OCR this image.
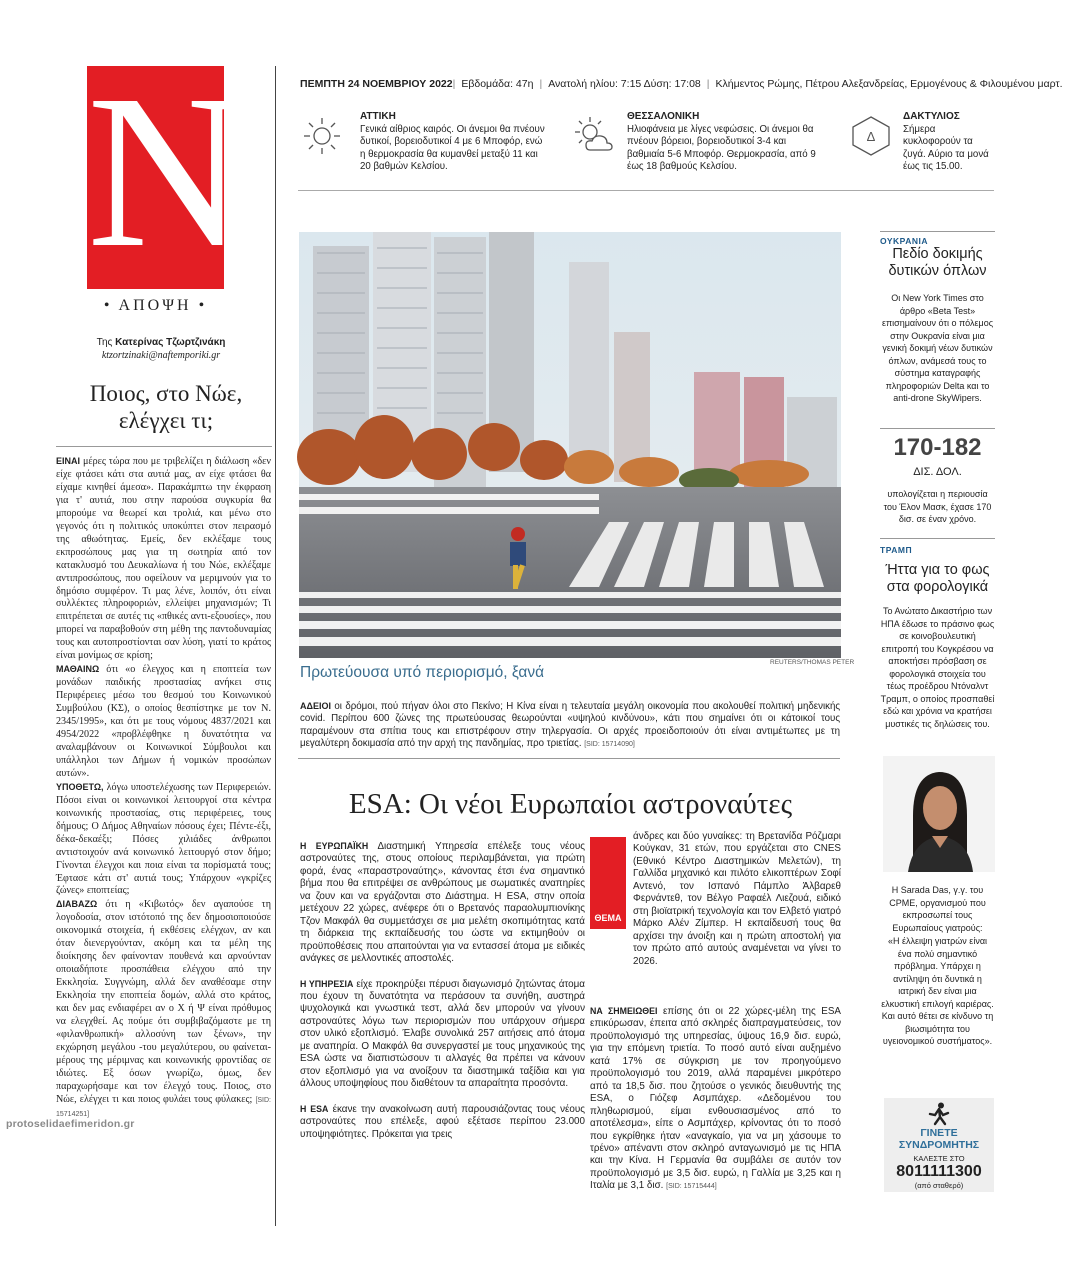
N
• ΑΠΟΨΗ •
Της Κατερίνας Τζωρτζινάκη
ktzortzinaki@naftemporiki.gr
Ποιος, στο Νώε,
ελέγχει τι;

ΕΙΝΑΙ μέρες τώρα που με τριβελίζει η διάλωση «δεν είχε φτάσει κάτι στα αυτιά μας, αν είχε φτάσει θα είχαμε κινηθεί άμεσα». Παρακάμπτω την έκφραση για τ' αυτιά, που στην παρούσα συγκυρία θα μπορούμε να θεωρεί και τρολιά, και μένω στο γεγονός ότι η πολιτικός υποκύπτει στον πειρασμό της αθωότητας. Εμείς, δεν εκλέξαμε τους εκπροσώπους μας για τη σωτηρία από τον κατακλυσμό του Δευκαλίωνα ή του Νώε, εκλέξαμε αντιπροσώπους, που οφείλουν να μεριμνούν για το δημόσιο συμφέρον. Τι μας λένε, λοιπόν, ότι είναι συλλέκτες πληροφοριών, ελλείψει μηχανισμών; Τι επιτρέπεται σε αυτές τις «πθικές αντι-εξουσίες», που μπορεί να παραβοθούν στη μέθη της παντοδυναμίας τους και αυτοπροστίονται σαν λύση, γιατί το κράτος είναι μονίμως σε κρίση;

ΜΑΘΑΙΝΩ ότι «ο έλεγχος και η εποπτεία των μονάδων παιδικής προστασίας ανήκει στις Περιφέρειες μέσω του θεσμού του Κοινωνικού Συμβούλου (ΚΣ), ο οποίος θεσπίστηκε με τον Ν. 2345/1995», και ότι με τους νόμους 4837/2021 και 4954/2022 «προβλέφθηκε η δυνατότητα να αναλαμβάνουν οι Κοινωνικοί Σύμβουλοι και υπάλληλοι των Δήμων ή νομικών προσώπων αυτών».

ΥΠΟΘΕΤΩ, λόγω υποστελέχωσης των Περιφερειών. Πόσοι είναι οι κοινωνικοί λειτουργοί στα κέντρα κοινωνικής προστασίας, στις περιφέρειες, τους δήμους; Ο Δήμος Αθηναίων πόσους έχει; Πέντε-έξι, δέκα-δεκαέξι; Πόσες χιλιάδες άνθρωποι αντιστοιχούν ανά κοινωνικό λειτουργό στον δήμο; Γίνονται έλεγχοι και ποια είναι τα πορίσματά τους; Έφτασε κάτι στ' αυτιά τους; Υπάρχουν «γκρίζες ζώνες» εποπτείας;

ΔΙΑΒΑΖΩ ότι η «Κιβωτός» δεν αγαπούσε τη λογοδοσία, στον ιστότοπό της δεν δημοσιοποιούσε οικονομικά στοιχεία, ή εκθέσεις ελέγχων, αν και όταν διενεργούνταν, ακόμη και τα μέλη της διοίκησης δεν φαίνονταν πουθενά και αρνούνταν οποιαδήποτε προσπάθεια ελέγχου από την Εκκλησία. Συγγνώμη, αλλά δεν αναθέσαμε στην Εκκλησία την εποπτεία δομών, αλλά στο κράτος, και δεν μας ενδιαφέρει αν ο Χ ή Ψ είναι πρόθυμος να ελεγχθεί. Ας πούμε ότι συμβιβαζόμαστε με τη «φιλανθρωπική» αλλοσύνη των ξένων», την εκχώρηση μεγάλου -του μεγαλύτερου, ου φαίνεται- μέρους της μέριμνας και κοινωνικής φροντίδας σε ιδιώτες. Εξ όσων γνωρίζω, όμως, δεν παραχωρήσαμε και τον έλεγχό τους. Ποιος, στο Νώε, ελέγχει τι και ποιος φυλάει τους φύλακες; [SID: 15714251]

protoselidaefimeridon.gr
ΠΕΜΠΤΗ 24 ΝΟΕΜΒΡΙΟΥ 2022| Εβδομάδα: 47η | Ανατολή ηλίου: 7:15 Δύση: 17:08 | Κλήμεντος Ρώμης, Πέτρου Αλεξανδρείας, Ερμογένους & Φιλουμένου μαρτ.
ΑΤΤΙΚΗ

Γενικά αίθριος καιρός. Οι άνεμοι θα πνέουν δυτικοί, βορειοδυτικοί 4 με 6 Μποφόρ, ενώ η θερμοκρασία θα κυμανθεί μεταξύ 11 και 20 βαθμών Κελσίου.

ΘΕΣΣΑΛΟΝΙΚΗ

Ηλιοφάνεια με λίγες νεφώσεις. Οι άνεμοι θα πνέουν βόρειοι, βορειοδυτικοί 3-4 και βαθμιαία 5-6 Μποφόρ. Θερμοκρασία, από 9 έως 18 βαθμούς Κελσίου.

Δ
ΔΑΚΤΥΛΙΟΣ

Σήμερα κυκλοφορούν τα ζυγά. Αύριο τα μονά έως τις 15.00.

REUTERS/THOMAS PETER
Πρωτεύουσα υπό περιορισμό, ξανά
ΑΔΕΙΟΙ οι δρόμοι, πού πήγαν όλοι στο Πεκίνο; Η Κίνα είναι η τελευταία μεγάλη οικονομία που ακολουθεί πολιτική μηδενικής covid. Περίπου 600 ζώνες της πρωτεύουσας θεωρούνται «υψηλού κινδύνου», κάτι που σημαίνει ότι οι κάτοικοί τους παραμένουν στα σπίτια τους και επιστρέφουν στην τηλεργασία. Οι αρχές προειδοποιούν ότι είναι αντιμέτωπες με τη μεγαλύτερη δοκιμασία από την αρχή της πανδημίας, προ τριετίας. [SID: 15714090]
ESA: Οι νέοι Ευρωπαίοι αστροναύτες

Η ΕΥΡΩΠΑΪΚΗ Διαστημική Υπηρεσία επέλεξε τους νέους αστροναύτες της, στους οποίους περιλαμβάνεται, για πρώτη φορά, ένας «παραστροναύτης», κάνοντας έτσι ένα σημαντικό βήμα που θα επιτρέψει σε ανθρώπους με σωματικές αναπηρίες να ζουν και να εργάζονται στο Διάστημα. Η ESA, στην οποία μετέχουν 22 χώρες, ανέφερε ότι ο Βρετανός παραολυμπιονίκης Τζον Μακφάλ θα συμμετάσχει σε μια μελέτη σκοπιμότητας κατά τη διάρκεια της εκπαίδευσής του ώστε να εκτιμηθούν οι προϋποθέσεις που απαιτούνται για να εντασσεί άτομα με ειδικές ανάγκες σε μελλοντικές αποστολές.

Η ΥΠΗΡΕΣΙΑ είχε προκηρύξει πέρυσι διαγωνισμό ζητώντας άτομα που έχουν τη δυνατότητα να περάσουν τα συνήθη, αυστηρά ψυχολογικά και γνωστικά τεστ, αλλά δεν μπορούν να γίνουν αστροναύτες λόγω των περιορισμών που υπάρχουν σήμερα στον υλικό εξοπλισμό. Έλαβε συνολικά 257 αιτήσεις από άτομα με αναπηρία. Ο Μακφάλ θα συνεργαστεί με τους μηχανικούς της ESA ώστε να διαπιστώσουν τι αλλαγές θα πρέπει να κάνουν στον εξοπλισμό για να ανοίξουν τα διαστημικά ταξίδια και για άλλους υποψηφίους που διαθέτουν τα απαραίτητα προσόντα.

Η ESA έκανε την ανακοίνωση αυτή παρουσιάζοντας τους νέους αστροναύτες που επέλεξε, αφού εξέτασε περίπου 23.000 υποψηφιότητες. Πρόκειται για τρεις

ΘΕΜΑ

άνδρες και δύο γυναίκες: τη Βρετανίδα Ρόζμαρι Κούγκαν, 31 ετών, που εργάζεται στο CNES (Εθνικό Κέντρο Διαστημικών Μελετών), τη Γαλλίδα μηχανικό και πιλότο ελικοπτέρων Σοφί Αντενό, τον Ισπανό Πάμπλο Άλβαρεθ Φερνάντεθ, τον Βέλγο Ραφαέλ Λιεζουά, ειδικό στη βιοϊατρική τεχνολογία και τον Ελβετό γιατρό Μάρκο Αλέν Ζίμπερ. Η εκπαίδευσή τους θα αρχίσει την άνοιξη και η πρώτη αποστολή για τον πρώτο από αυτούς αναμένεται να γίνει το 2026.

ΝΑ ΣΗΜΕΙΩΘΕΙ επίσης ότι οι 22 χώρες-μέλη της ESA επικύρωσαν, έπειτα από σκληρές διαπραγματεύσεις, τον προϋπολογισμό της υπηρεσίας, ύψους 16,9 δισ. ευρώ, για την επόμενη τριετία. Το ποσό αυτό είναι αυξημένο κατά 17% σε σύγκριση με τον προηγούμενο προϋπολογισμό του 2019, αλλά παραμένει μικρότερο από τα 18,5 δισ. που ζητούσε ο γενικός διευθυντής της ESA, ο Γιόζεφ Ασμπάχερ. «Δεδομένου του πληθωρισμού, είμαι ενθουσιασμένος από το αποτέλεσμα», είπε ο Ασμπάχερ, κρίνοντας ότι το ποσό που εγκρίθηκε ήταν «αναγκαίο, για να μη χάσουμε το τρένο» απέναντι στον σκληρό ανταγωνισμό με τις ΗΠΑ και την Κίνα. Η Γερμανία θα συμβάλει σε αυτόν τον προϋπολογισμό με 3,5 δισ. ευρώ, η Γαλλία με 3,25 και η Ιταλία με 3,1 δισ. [SID: 15715444]

ΟΥΚΡΑΝΙΑ
Πεδίο δοκιμής δυτικών όπλων
Οι New York Times στο άρθρο «Beta Test» επισημαίνουν ότι ο πόλεμος στην Ουκρανία είναι μια γενική δοκιμή νέων δυτικών όπλων, ανάμεσά τους το σύστημα καταγραφής πληροφοριών Delta και το anti-drone SkyWipers.
170-182
ΔΙΣ. ΔΟΛ.
υπολογίζεται η περιουσία του Έλον Μασκ, έχασε 170 δισ. σε έναν χρόνο.
ΤΡΑΜΠ
Ήττα για το φως στα φορολογικά
Το Ανώτατο Δικαστήριο των ΗΠΑ έδωσε το πράσινο φως σε κοινοβουλευτική επιτροπή του Κογκρέσου να αποκτήσει πρόσβαση σε φορολογικά στοιχεία του τέως προέδρου Ντόναλντ Τραμπ, ο οποίος προσπαθεί εδώ και χρόνια να κρατήσει μυστικές τις δηλώσεις του.
Η Sarada Das, γ.γ. του CPME, οργανισμού που εκπροσωπεί τους Ευρωπαίους γιατρούς:
«Η έλλειψη γιατρών είναι ένα πολύ σημαντικό πρόβλημα. Υπάρχει η αντίληψη ότι δυντικά η ιατρική δεν είναι μια ελκυστική επιλογή καριέρας. Και αυτό θέτει σε κίνδυνο τη βιωσιμότητα του υγειονομικού συστήματος».
ΓΙΝΕΤΕ
ΣΥΝΔΡΟΜΗΤΗΣ
ΚΑΛΕΣΤΕ ΣΤΟ
8011111300
(από σταθερό)
